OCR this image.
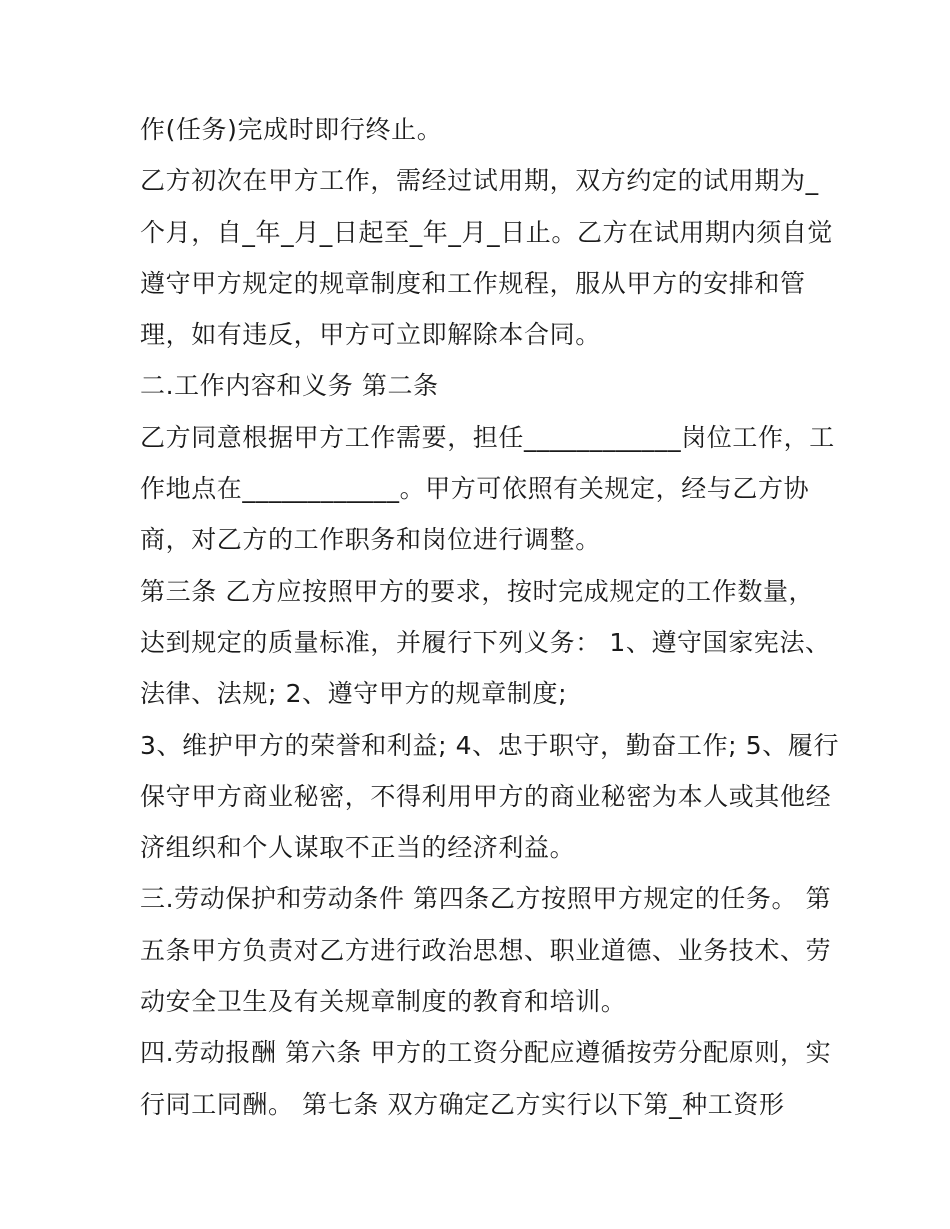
作(任务)完成时即行终止。
乙方初次在甲方工作，需经过试用期，双方约定的试用期为_
个月，自_年_月_日起至_年_月_日止。乙方在试用期内须自觉
遵守甲方规定的规章制度和工作规程，服从甲方的安排和管
理，如有违反，甲方可立即解除本合同。
二.工作内容和义务 第二条
乙方同意根据甲方工作需要，担任____________岗位工作，工
作地点在____________。甲方可依照有关规定，经与乙方协
商，对乙方的工作职务和岗位进行调整。
第三条 乙方应按照甲方的要求，按时完成规定的工作数量，
达到规定的质量标准，并履行下列义务： 1、遵守国家宪法、
法律、法规; 2、遵守甲方的规章制度;
3、维护甲方的荣誉和利益; 4、忠于职守，勤奋工作; 5、履行
保守甲方商业秘密，不得利用甲方的商业秘密为本人或其他经
济组织和个人谋取不正当的经济利益。
三.劳动保护和劳动条件 第四条乙方按照甲方规定的任务。 第
五条甲方负责对乙方进行政治思想、职业道德、业务技术、劳
动安全卫生及有关规章制度的教育和培训。
四.劳动报酬 第六条 甲方的工资分配应遵循按劳分配原则，实
行同工同酬。 第七条 双方确定乙方实行以下第_种工资形
